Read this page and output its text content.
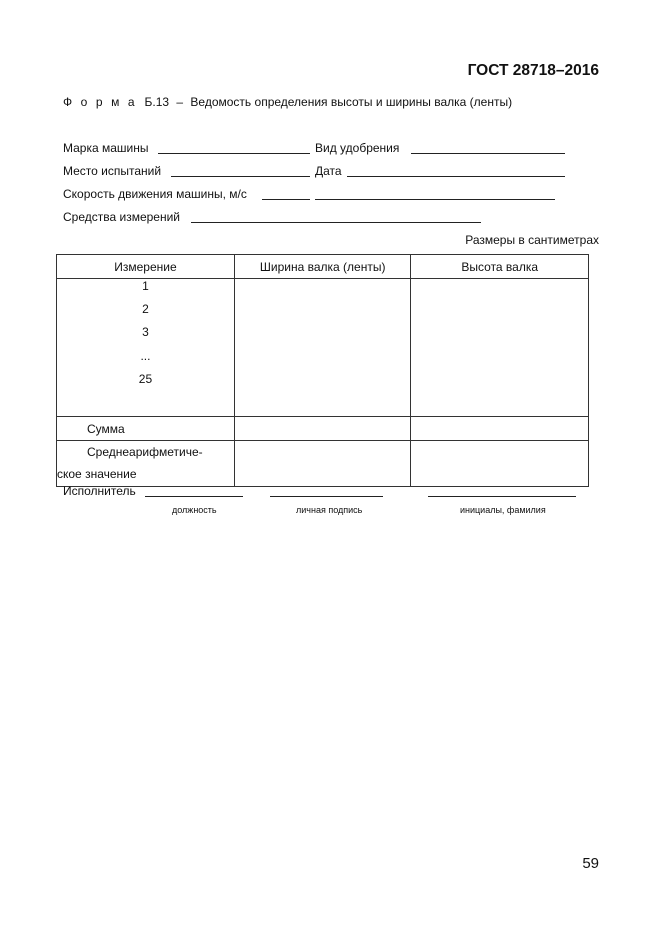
ГОСТ 28718–2016
Ф о р м а Б.13 – Ведомость определения высоты и ширины валка (ленты)
Марка машины	Вид удобрения
Место испытаний	Дата
Скорость движения машины, м/с
Средства измерений
Размеры в сантиметрах
Измерение	Ширина валка (ленты)	Высота валка

1
2
3
...
25		

Сумма		

Среднеарифметиче-
ское значение		

Исполнитель
должность	личная подпись	инициалы, фамилия
59
